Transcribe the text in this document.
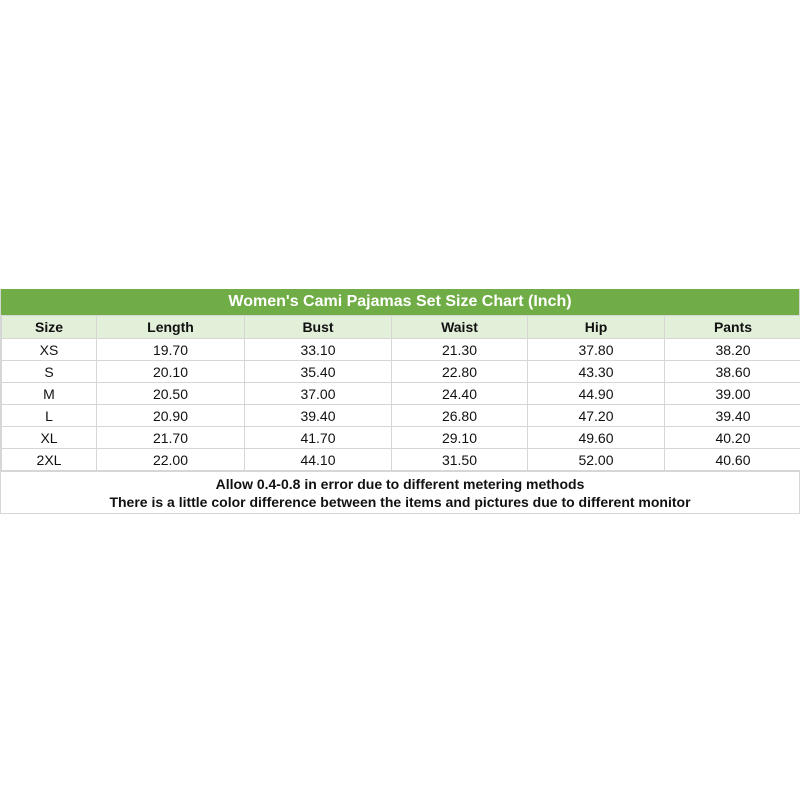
Women's Cami Pajamas Set Size Chart (Inch)
Size	Length	Bust	Waist	Hip	Pants
XS	19.70	33.10	21.30	37.80	38.20
S	20.10	35.40	22.80	43.30	38.60
M	20.50	37.00	24.40	44.90	39.00
L	20.90	39.40	26.80	47.20	39.40
XL	21.70	41.70	29.10	49.60	40.20
2XL	22.00	44.10	31.50	52.00	40.60
Allow 0.4-0.8 in error due to different metering methods
There is a little color difference between the items and pictures due to different monitor
